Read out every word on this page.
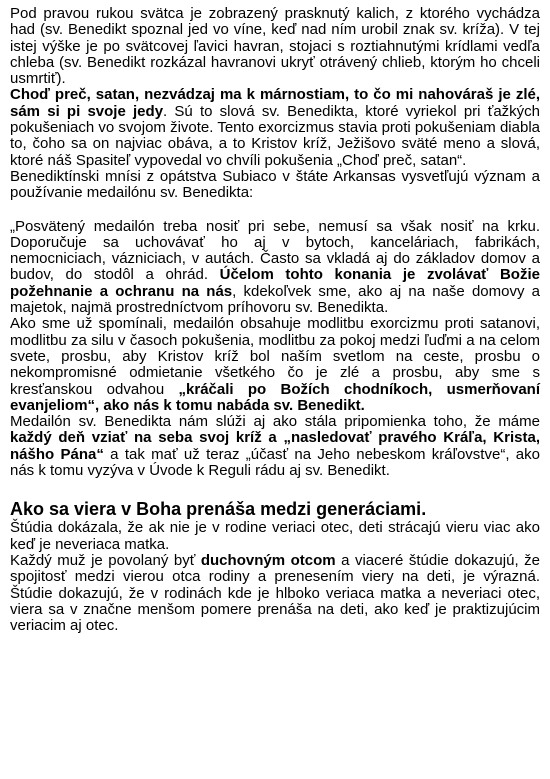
Pod pravou rukou svätca je zobrazený prasknutý kalich, z ktorého vychádza had (sv. Benedikt spoznal jed vo víne, keď nad ním urobil znak sv. kríža). V tej istej výške je po svätcovej ľavici havran, stojaci s roztiahnutými krídlami vedľa chleba (sv. Benedikt rozkázal havranovi ukryť otrávený chlieb, ktorým ho chceli usmrtiť).

Choď preč, satan, nezvádzaj ma k márnostiam, to čo mi nahováraš je zlé, sám si pi svoje jedy. Sú to slová sv. Benedikta, ktoré vyriekol pri ťažkých pokušeniach vo svojom živote. Tento exorcizmus stavia proti pokušeniam diabla to, čoho sa on najviac obáva, a to Kristov kríž, Ježišovo sväté meno a slová, ktoré náš Spasiteľ vypovedal vo chvíli pokušenia „Choď preč, satan“.

Benediktínski mnísi z opátstva Subiaco v štáte Arkansas vysvetľujú význam a používanie medailónu sv. Benedikta:

„Posvätený medailón treba nosiť pri sebe, nemusí sa však nosiť na krku. Doporučuje sa uchovávať ho aj v bytoch, kanceláriach, fabrikách, nemocniciach, vázniciach, v autách. Často sa vkladá aj do základov domov a budov, do stodôl a ohrád. Účelom tohto konania je zvolávať Božie požehnanie a ochranu na nás, kdekoľvek sme, ako aj na naše domovy a majetok, najmä prostredníctvom príhovoru sv. Benedikta.

Ako sme už spomínali, medailón obsahuje modlitbu exorcizmu proti satanovi, modlitbu za silu v časoch pokušenia, modlitbu za pokoj medzi ľuďmi a na celom svete, prosbu, aby Kristov kríž bol naším svetlom na ceste, prosbu o nekompromisné odmietanie všetkého čo je zlé a prosbu, aby sme s kresťanskou odvahou „kráčali po Božích chodníkoch, usmerňovaní evanjeliom“, ako nás k tomu nabáda sv. Benedikt.

Medailón sv. Benedikta nám slúži aj ako stála pripomienka toho, že máme každý deň vziať na seba svoj kríž a „nasledovať pravého Kráľa, Krista, nášho Pána“ a tak mať už teraz „účasť na Jeho nebeskom kráľovstve“, ako nás k tomu vyzýva v Úvode k Reguli rádu aj sv. Benedikt.

Ako sa viera v Boha prenáša medzi generáciami.

Štúdia dokázala, že ak nie je v rodine veriaci otec, deti strácajú vieru viac ako keď je neveriaca matka.

Každý muž je povolaný byť duchovným otcom a viaceré štúdie dokazujú, že spojitosť medzi vierou otca rodiny a prenesením viery na deti, je výrazná. Štúdie dokazujú, že v rodinách kde je hlboko veriaca matka a neveriaci otec, viera sa v značne menšom pomere prenáša na deti, ako keď je praktizujúcim veriacim aj otec.
